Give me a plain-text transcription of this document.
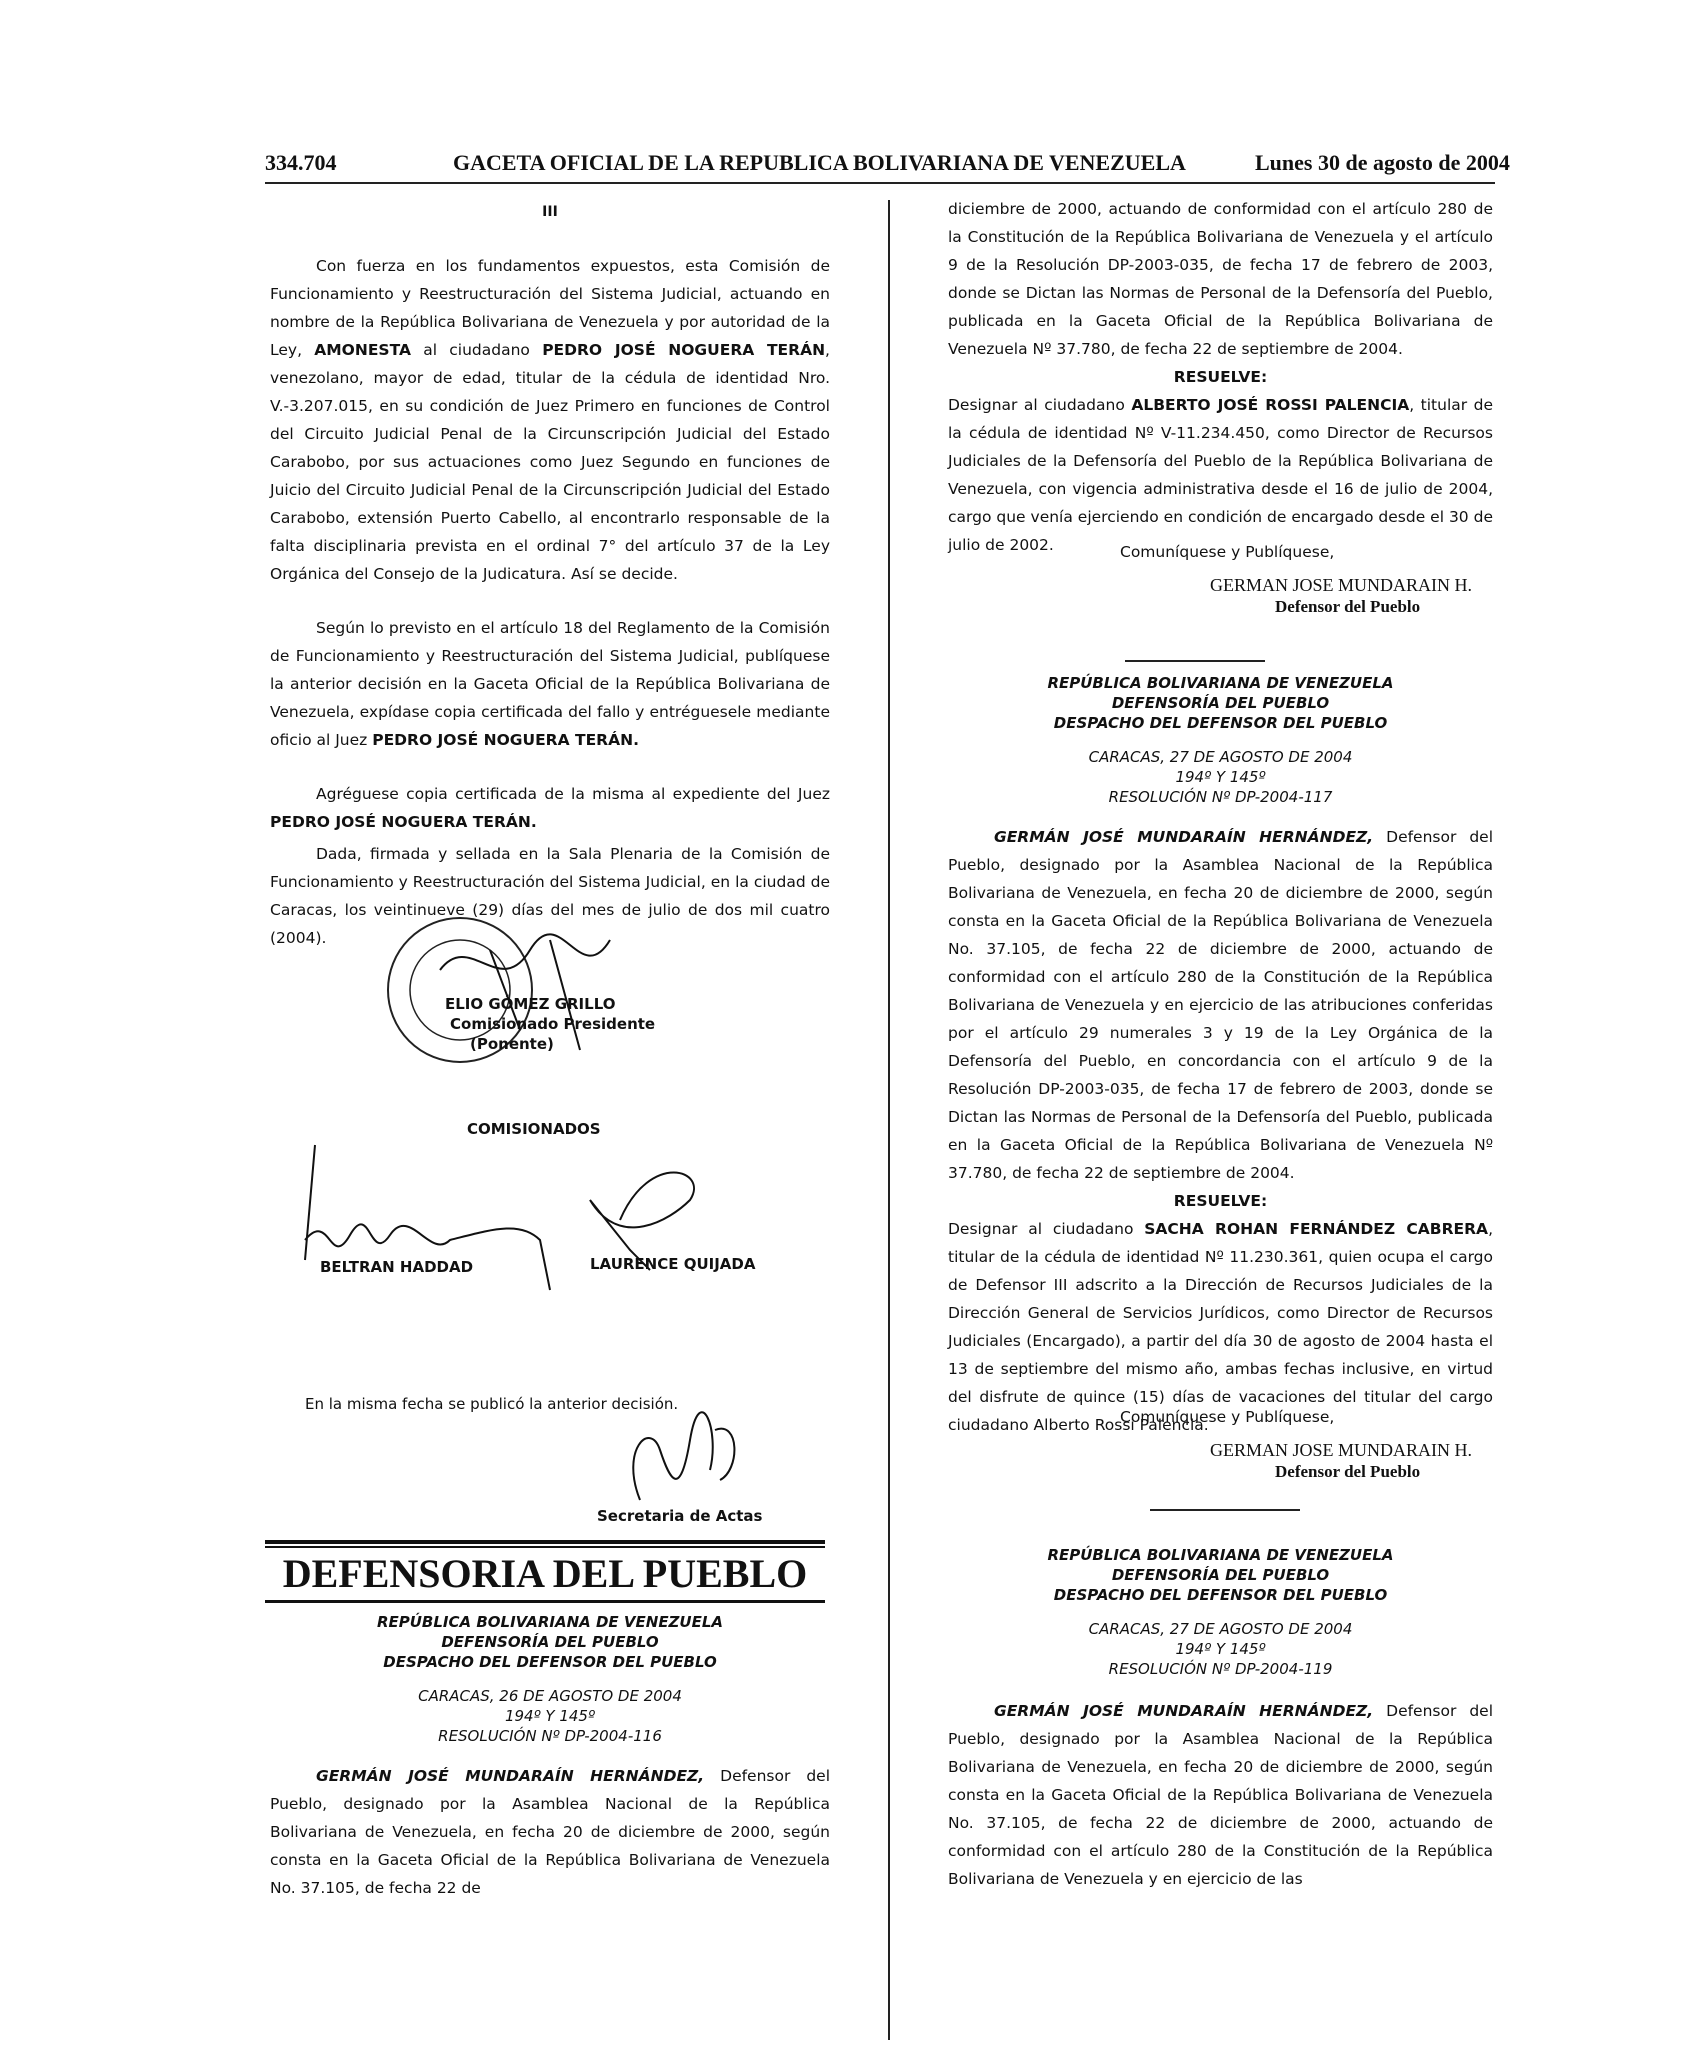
334.704	GACETA OFICIAL DE LA REPUBLICA BOLIVARIANA DE VENEZUELA	Lunes 30 de agosto de 2004

III

Con fuerza en los fundamentos expuestos, esta Comisión de Funcionamiento y Reestructuración del Sistema Judicial, actuando en nombre de la República Bolivariana de Venezuela y por autoridad de la Ley, AMONESTA al ciudadano PEDRO JOSÉ NOGUERA TERÁN, venezolano, mayor de edad, titular de la cédula de identidad Nro. V.-3.207.015, en su condición de Juez Primero en funciones de Control del Circuito Judicial Penal de la Circunscripción Judicial del Estado Carabobo, por sus actuaciones como Juez Segundo en funciones de Juicio del Circuito Judicial Penal de la Circunscripción Judicial del Estado Carabobo, extensión Puerto Cabello, al encontrarlo responsable de la falta disciplinaria prevista en el ordinal 7° del artículo 37 de la Ley Orgánica del Consejo de la Judicatura. Así se decide.

Según lo previsto en el artículo 18 del Reglamento de la Comisión de Funcionamiento y Reestructuración del Sistema Judicial, publíquese la anterior decisión en la Gaceta Oficial de la República Bolivariana de Venezuela, expídase copia certificada del fallo y entréguesele mediante oficio al Juez PEDRO JOSÉ NOGUERA TERÁN.

Agréguese copia certificada de la misma al expediente del Juez PEDRO JOSÉ NOGUERA TERÁN.

Dada, firmada y sellada en la Sala Plenaria de la Comisión de Funcionamiento y Reestructuración del Sistema Judicial, en la ciudad de Caracas, los veintinueve (29) días del mes de julio de dos mil cuatro (2004).

ELIO GÓMEZ GRILLO
Comisionado Presidente
(Ponente)
COMISIONADOS
BELTRAN HADDAD	LAURENCE QUIJADA
En la misma fecha se publicó la anterior decisión.
Secretaria de Actas
DEFENSORIA DEL PUEBLO
REPÚBLICA BOLIVARIANA DE VENEZUELA
DEFENSORÍA DEL PUEBLO
DESPACHO DEL DEFENSOR DEL PUEBLO
CARACAS, 26 DE AGOSTO DE 2004
194º Y 145º
RESOLUCIÓN Nº DP-2004-116

GERMÁN JOSÉ MUNDARAÍN HERNÁNDEZ, Defensor del Pueblo, designado por la Asamblea Nacional de la República Bolivariana de Venezuela, en fecha 20 de diciembre de 2000, según consta en la Gaceta Oficial de la República Bolivariana de Venezuela No. 37.105, de fecha 22 de

diciembre de 2000, actuando de conformidad con el artículo 280 de la Constitución de la República Bolivariana de Venezuela y el artículo 9 de la Resolución DP-2003-035, de fecha 17 de febrero de 2003, donde se Dictan las Normas de Personal de la Defensoría del Pueblo, publicada en la Gaceta Oficial de la República Bolivariana de Venezuela Nº 37.780, de fecha 22 de septiembre de 2004.

RESUELVE:

Designar al ciudadano ALBERTO JOSÉ ROSSI PALENCIA, titular de la cédula de identidad Nº V-11.234.450, como Director de Recursos Judiciales de la Defensoría del Pueblo de la República Bolivariana de Venezuela, con vigencia administrativa desde el 16 de julio de 2004, cargo que venía ejerciendo en condición de encargado desde el 30 de julio de 2002.	Comuníquese y Publíquese,
GERMAN JOSE MUNDARAIN H.
Defensor del Pueblo
REPÚBLICA BOLIVARIANA DE VENEZUELA
DEFENSORÍA DEL PUEBLO
DESPACHO DEL DEFENSOR DEL PUEBLO
CARACAS, 27 DE AGOSTO DE 2004
194º Y 145º
RESOLUCIÓN Nº DP-2004-117

GERMÁN JOSÉ MUNDARAÍN HERNÁNDEZ, Defensor del Pueblo, designado por la Asamblea Nacional de la República Bolivariana de Venezuela, en fecha 20 de diciembre de 2000, según consta en la Gaceta Oficial de la República Bolivariana de Venezuela No. 37.105, de fecha 22 de diciembre de 2000, actuando de conformidad con el artículo 280 de la Constitución de la República Bolivariana de Venezuela y en ejercicio de las atribuciones conferidas por el artículo 29 numerales 3 y 19 de la Ley Orgánica de la Defensoría del Pueblo, en concordancia con el artículo 9 de la Resolución DP-2003-035, de fecha 17 de febrero de 2003, donde se Dictan las Normas de Personal de la Defensoría del Pueblo, publicada en la Gaceta Oficial de la República Bolivariana de Venezuela Nº 37.780, de fecha 22 de septiembre de 2004.

RESUELVE:

Designar al ciudadano SACHA ROHAN FERNÁNDEZ CABRERA, titular de la cédula de identidad Nº 11.230.361, quien ocupa el cargo de Defensor III adscrito a la Dirección de Recursos Judiciales de la Dirección General de Servicios Jurídicos, como Director de Recursos Judiciales (Encargado), a partir del día 30 de agosto de 2004 hasta el 13 de septiembre del mismo año, ambas fechas inclusive, en virtud del disfrute de quince (15) días de vacaciones del titular del cargo ciudadano Alberto Rossi Palencia.

Comuníquese y Publíquese,
GERMAN JOSE MUNDARAIN H.
Defensor del Pueblo
REPÚBLICA BOLIVARIANA DE VENEZUELA
DEFENSORÍA DEL PUEBLO
DESPACHO DEL DEFENSOR DEL PUEBLO
CARACAS, 27 DE AGOSTO DE 2004
194º Y 145º
RESOLUCIÓN Nº DP-2004-119

GERMÁN JOSÉ MUNDARAÍN HERNÁNDEZ, Defensor del Pueblo, designado por la Asamblea Nacional de la República Bolivariana de Venezuela, en fecha 20 de diciembre de 2000, según consta en la Gaceta Oficial de la República Bolivariana de Venezuela No. 37.105, de fecha 22 de diciembre de 2000, actuando de conformidad con el artículo 280 de la Constitución de la República Bolivariana de Venezuela y en ejercicio de las
